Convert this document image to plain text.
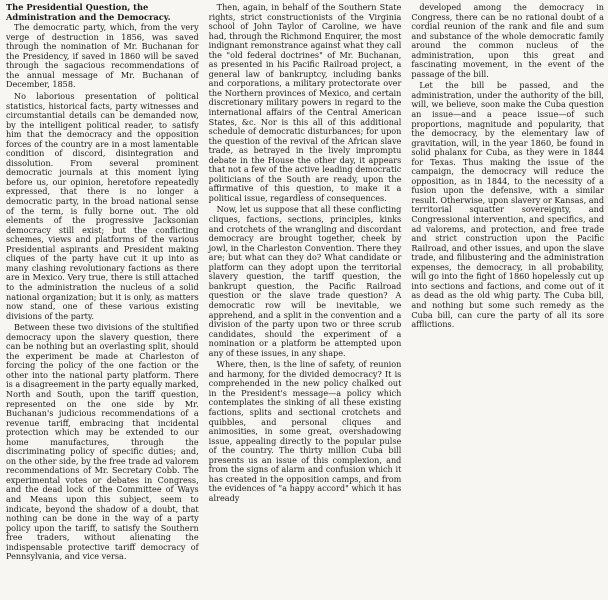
The Presidential Question, the Administration and the Democracy.

The democratic party, which, from the very verge of destruction in 1856, was saved through the nomination of Mr. Buchanan for the Presidency, if saved in 1860 will be saved through the sagacious recommendations of the annual message of Mr. Buchanan of December, 1858.

No laborious presentation of political statistics, historical facts, party witnesses and circumstantial details can be demanded now, by the intelligent political reader, to satisfy him that the democracy and the opposition forces of the country are in a most lamentable condition of discord, disintegration and dissolution. From several prominent democratic journals at this moment lying before us, our opinion, heretofore repeatedly expressed, that there is no longer a democratic party, in the broad national sense of the term, is fully borne out. The old elements of the progressive Jacksonian democracy still exist; but the conflicting schemes, views and platforms of the various Presidential aspirants and President making cliques of the party have cut it up into as many clashing revolutionary factions as there are in Mexico. Very true, there is still attached to the administration the nucleus of a solid national organization; but it is only, as matters now stand, one of these various existing divisions of the party.

Between these two divisions of the stultified democracy upon the slavery question, there can be nothing but an overlasting split, should the experiment be made at Charleston of forcing the policy of the one faction or the other into the national party platform. There is a disagreement in the party equally marked, North and South, upon the tariff question, represented on the one side by Mr. Buchanan's judicious recommendations of a revenue tariff, embracing that incidental protection which may be extended to our home manufactures, through the discriminating policy of specific duties; and, on the other side, by the free trade ad valorem recommendations of Mr. Secretary Cobb. The experimental votes or debates in Congress, and the dead lock of the Committee of Ways and Means upon this subject, seem to indicate, beyond the shadow of a doubt, that nothing can be done in the way of a party policy upon the tariff, to satisfy the Southern free traders, without alienating the indispensable protective tariff democracy of Pennsylvania, and vice versa.

Then, again, in behalf of the Southern State rights, strict constructionists of the Virginia school of John Taylor of Caroline, we have had, through the Richmond Enquirer, the most indignant remonstrance against what they call the "old federal doctrines" of Mr. Buchanan, as presented in his Pacific Railroad project, a general law of bankruptcy, including banks and corporations, a military protectorate over the Northern provinces of Mexico, and certain discretionary military powers in regard to the international affairs of the Central American States, &c. Nor is this all of this additional schedule of democratic disturbances; for upon the question of the revival of the African slave trade, as betrayed in the lively impromptu debate in the House the other day, it appears that not a few of the active leading democratic politicians of the South are ready, upon the affirmative of this question, to make it a political issue, regardless of consequences.

Now, let us suppose that all these conflicting cliques, factions, sections, principles, kinks and crotchets of the wrangling and discordant democracy are brought together, cheek by jowl, in the Charleston Convention. There they are; but what can they do? What candidate or platform can they adopt upon the territorial slavery question, the tariff question, the bankrupt question, the Pacific Railroad question or the slave trade question? A democratic row will be inevitable, we apprehend, and a split in the convention and a division of the party upon two or three scrub candidates, should the experiment of a nomination or a platform be attempted upon any of these issues, in any shape.

Where, then, is the line of safety, of reunion and harmony, for the divided democracy? It is comprehended in the new policy chalked out in the President's message—a policy which contemplates the sinking of all these existing factions, splits and sectional crotchets and quibbles, and personal cliques and animosities, in some great, overshadowing issue, appealing directly to the popular pulse of the country. The thirty million Cuba bill presents us an issue of this complexion, and from the signs of alarm and confusion which it has created in the opposition camps, and from the evidences of "a happy accord" which it has already

developed among the democracy in Congress, there can be no rational doubt of a cordial reunion of the rank and file and sum and substance of the whole democratic family around the common nucleus of the administration, upon this great and fascinating movement, in the event of the passage of the bill.

Let the bill be passed, and the administration, under the authority of the bill, will, we believe, soon make the Cuba question an issue—and a peace issue—of such proportions, magnitude and popularity, that the democracy, by the elementary law of gravitation, will, in the year 1860, be found in solid phalanx for Cuba, as they were in 1844 for Texas. Thus making the issue of the campaign, the democracy will reduce the opposition, as in 1844, to the necessity of a fusion upon the defensive, with a similar result. Otherwise, upon slavery or Kansas, and territorial squatter sovereignty, and Congressional intervention, and specifics, and ad valorems, and protection, and free trade and strict construction upon the Pacific Railroad, and other issues, and upon the slave trade, and filibustering and the administration expenses, the democracy, in all probability, will go into the fight of 1860 hopelessly cut up into sections and factions, and come out of it as dead as the old whig party. The Cuba bill, and nothing but some such remedy as the Cuba bill, can cure the party of all its sore afflictions.
